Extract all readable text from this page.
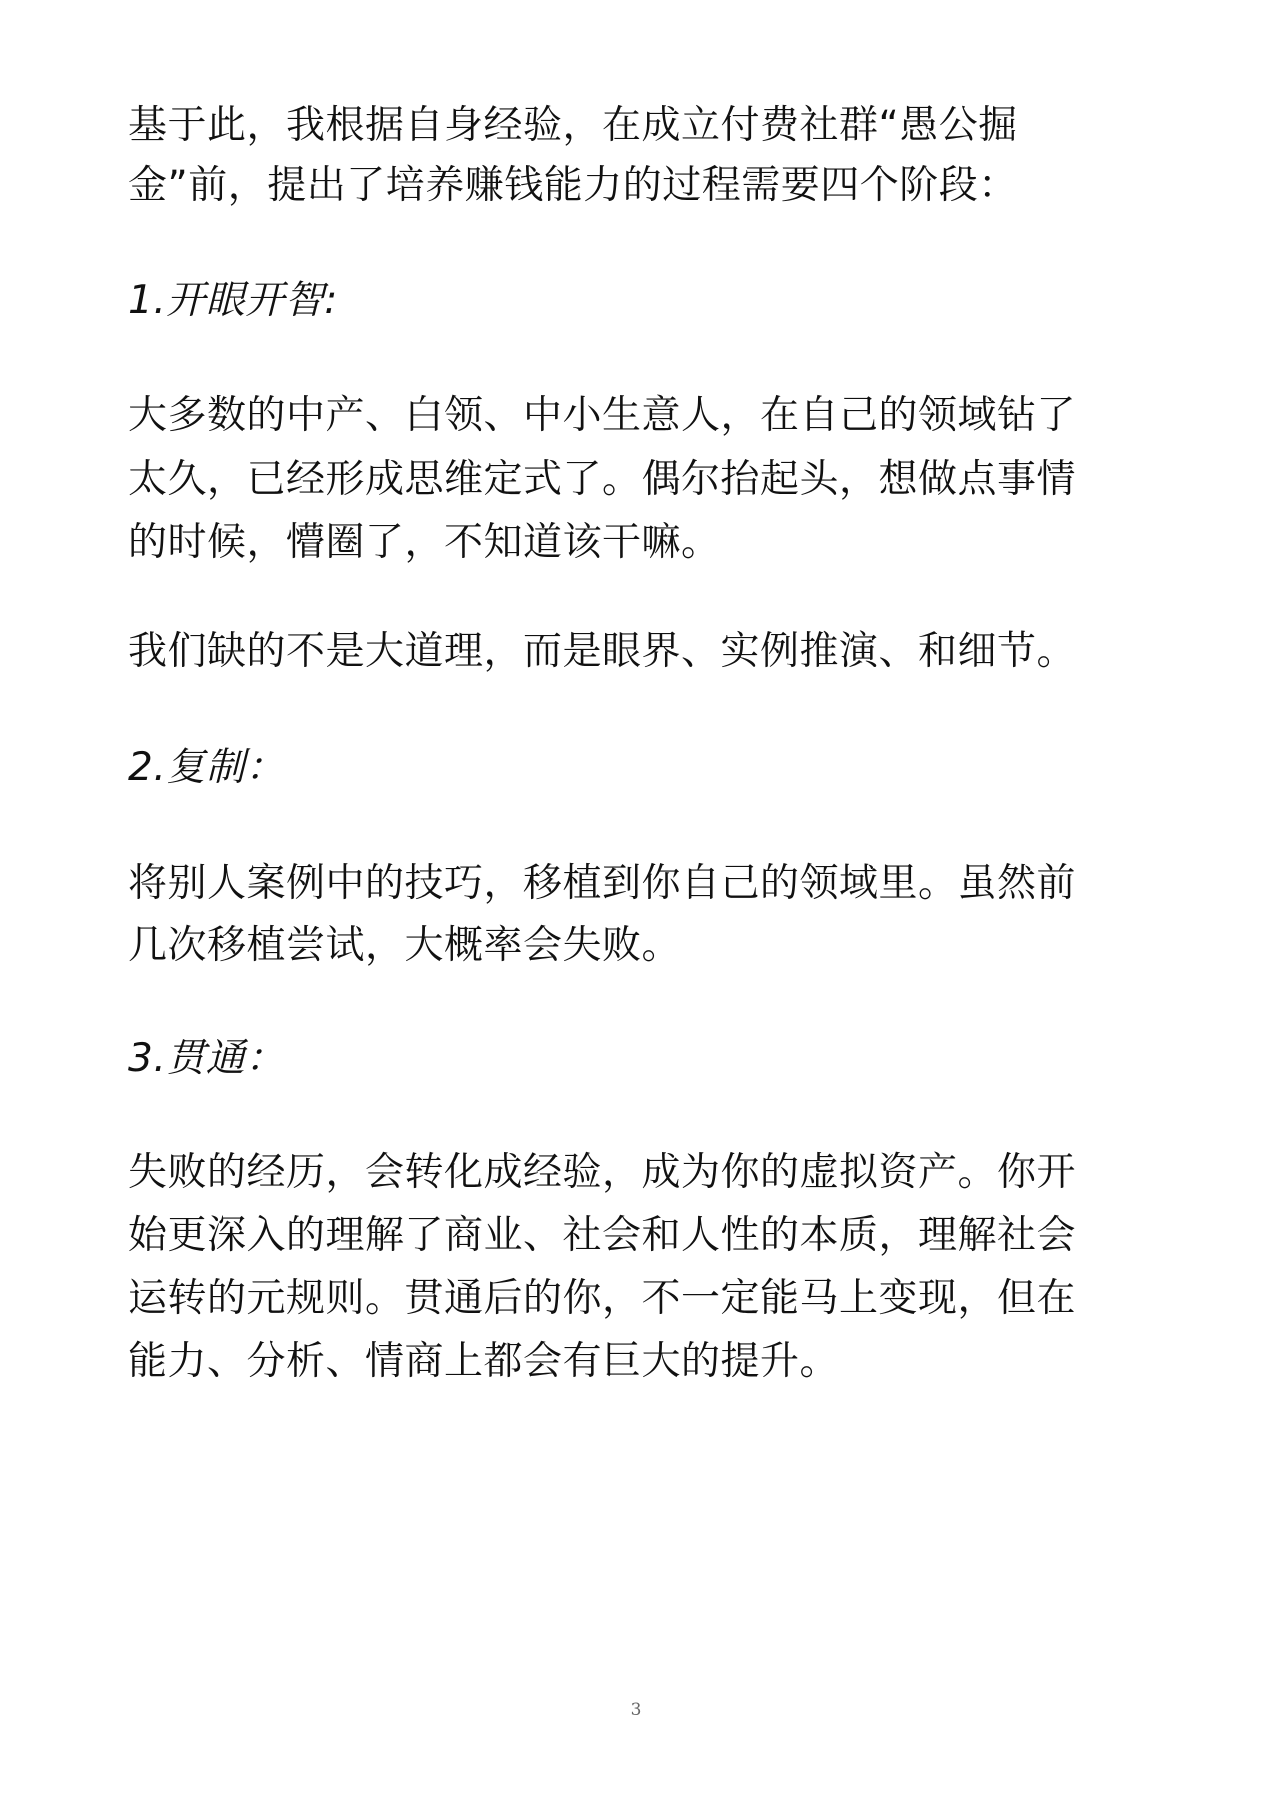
基于此，我根据自身经验，在成立付费社群“愚公掘
金”前，提出了培养赚钱能力的过程需要四个阶段：
1.开眼开智:
大多数的中产、白领、中小生意人，在自己的领域钻了
太久，已经形成思维定式了。偶尔抬起头，想做点事情
的时候，懵圈了，不知道该干嘛。
我们缺的不是大道理，而是眼界、实例推演、和细节。
2.复制：
将别人案例中的技巧，移植到你自己的领域里。虽然前
几次移植尝试，大概率会失败。
3.贯通：
失败的经历，会转化成经验，成为你的虚拟资产。你开
始更深入的理解了商业、社会和人性的本质，理解社会
运转的元规则。贯通后的你，不一定能马上变现，但在
能力、分析、情商上都会有巨大的提升。
3
